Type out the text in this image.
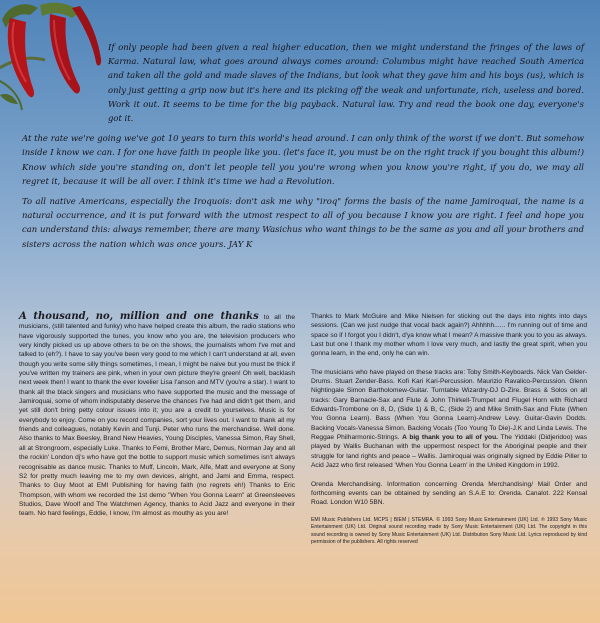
If only people had been given a real higher education, then we might understand the fringes of the laws of Karma. Natural law, what goes around always comes around: Columbus might have reached South America and taken all the gold and made slaves of the Indians, but look what they gave him and his boys (us), which is only just getting a grip now but it's here and its picking off the weak and unfortunate, rich, useless and bored. Work it out. It seems to be time for the big payback. Natural law. Try and read the book one day, everyone's got it.

At the rate we're going we've got 10 years to turn this world's head around. I can only think of the worst if we don't. But somehow inside I know we can. I for one have faith in people like you. (let's face it, you must be on the right track if you bought this album!) Know which side you're standing on, don't let people tell you you're wrong when you know you're right, if you do, we may all regret it, because it will be all over. I think it's time we had a Revolution.

To all native Americans, especially the Iroquois: don't ask me why "iroq" forms the basis of the name Jamiroquai, the name is a natural occurrence, and it is put forward with the utmost respect to all of you because I know you are right. I feel and hope you can understand this: always remember, there are many Wasichus who want things to be the same as you and all your brothers and sisters across the nation which was once yours. JAY K

A thousand, no, million and one thanks to all the musicians, (still talented and funky) who have helped create this album, the radio stations who have vigorously supported the tunes, you know who you are, the television producers who very kindly picked us up above others to be on the shows, the journalists whom I've met and talked to (eh?). I have to say you've been very good to me which I can't understand at all, even though you write some silly things sometimes, I mean, I might be naive but you must be thick if you've written my trainers are pink, when in your own picture they're green! Oh well, backlash next week then! I want to thank the ever lovelier Lisa I'anson and MTV (you're a star). I want to thank all the black singers and musicians who have supported the music and the message of Jamiroquai, some of whom indisputably deserve the chances I've had and didn't get them, and yet still don't bring petty colour issues into it; you are a credit to yourselves. Music is for everybody to enjoy. Come on you record companies, sort your lives out. I want to thank all my friends and colleagues, notably Kevin and Tunji. Peter who runs the merchandise. Well done. Also thanks to Max Beesley, Brand New Heavies, Young Disciples, Vanessa Simon, Ray Shell, all at Strongroom, especially Luke. Thanks to Femi, Brother Marc, Demus, Norman Jay and all the rockin' London dj's who have got the bottle to support music which sometimes isn't always recognisable as dance music. Thanks to Muff, Lincoln, Mark, Alfe, Matt and everyone at Sony S2 for pretty much leaving me to my own devices, alright, and Jami and Emma, respect. Thanks to Guy Moot at EMI Publishing for having faith (no regrets eh!) Thanks to Eric Thompson, with whom we recorded the 1st demo "When You Gonna Learn" at Greensleeves Studios, Dave Woolf and The Watchmen Agency, thanks to Acid Jazz and everyone in their team. No hard feelings, Eddie, I know, I'm almost as mouthy as you are!

Thanks to Mark McGuire and Mike Nielsen for sticking out the days into nights into days sessions. (Can we just nudge that vocal back again?) Ahhhhh...... I'm running out of time and space so if I forgot you I didn't, d'ya know what I mean? A massive thank you to you as always. Last but one I thank my mother whom I love very much, and lastly the great spirit, when you gonna learn, in the end, only he can win.

The musicians who have played on these tracks are: Toby Smith-Keyboards. Nick Van Gelder-Drums. Stuart Zender-Bass. Kofi Kari Kari-Percussion. Maurizio Ravalico-Percussion. Glenn Nightingale Simon Bartholomew-Guitar. Turntable Wizardry-DJ D-Zire. Brass & Solos on all tracks: Gary Barnacle-Sax and Flute & John Thirkell-Trumpet and Flugel Horn with Richard Edwards-Trombone on 8, D, (Side 1) & B, C, (Side 2) and Mike Smith-Sax and Flute (When You Gonna Learn). Bass (When You Gonna Learn)-Andrew Levy. Guitar-Gavin Dodds. Backing Vocals-Vanessa Simon. Backing Vocals (Too Young To Die)-J.K and Linda Lewis. The Reggae Philharmonic-Strings. A big thank you to all of you. The Yiddaki (Didjeridoo) was played by Wallis Buchanan with the uppermost respect for the Aboriginal people and their struggle for land rights and peace – Wallis. Jamiroquai was originally signed by Eddie Piller to Acid Jazz who first released 'When You Gonna Learn' in the United Kingdom in 1992.

Orenda Merchandising. Information concerning Orenda Merchandising/ Mail Order and forthcoming events can be obtained by sending an S.A.E to: Orenda. Canalot. 222 Kensal Road. London W10 5BN.

EMI Music Publishers Ltd. MCPS | BIEM | STEMRA. © 1993 Sony Music Entertainment (UK) Ltd. ℗ 1993 Sony Music Entertainment (UK) Ltd. Original sound recording made by Sony Music Entertainment (UK) Ltd. The copyright in this sound recording is owned by Sony Music Entertainment (UK) Ltd. Distribution Sony Music Ltd. Lyrics reproduced by kind permission of the publishers. All rights reserved
